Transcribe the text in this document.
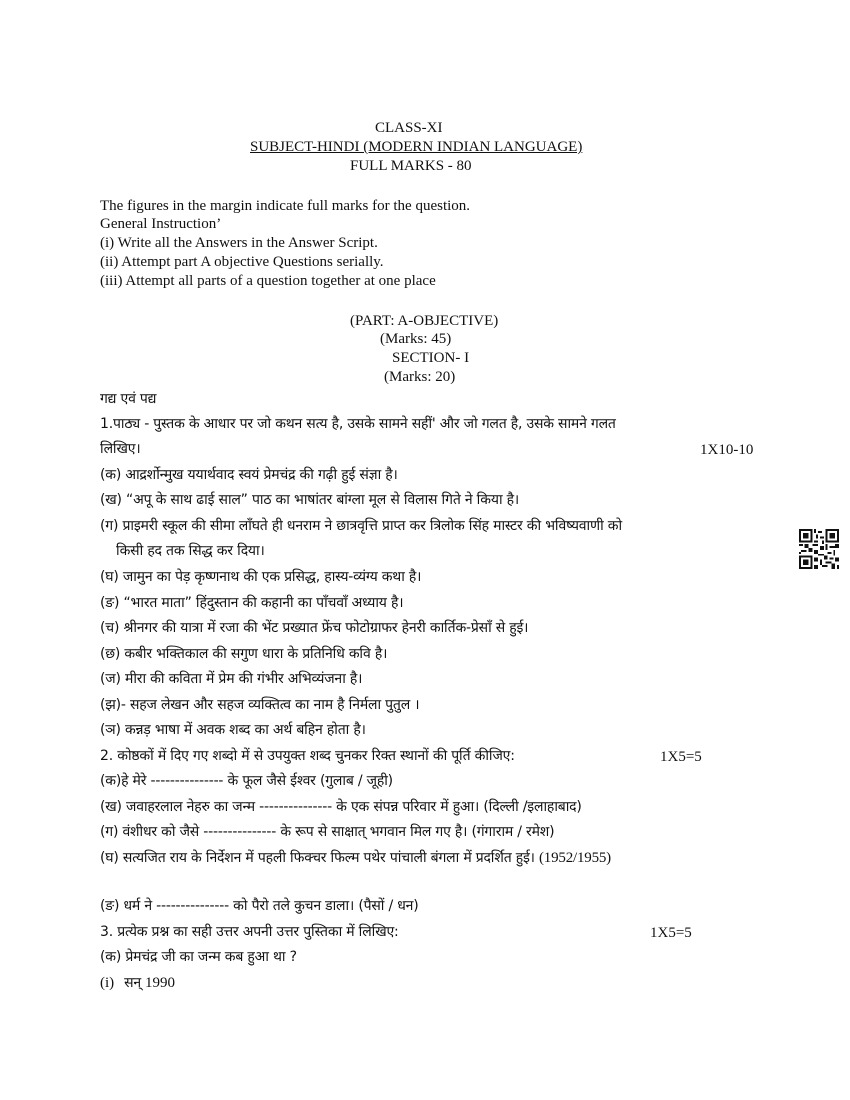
CLASS-XI
SUBJECT-HINDI (MODERN INDIAN LANGUAGE)
FULL MARKS - 80
The figures in the margin indicate full marks for the question.
General Instruction’
(i) Write all the Answers in the Answer Script.
(ii) Attempt part A objective Questions serially.
(iii) Attempt all parts of a question together at one place
(PART: A-OBJECTIVE)
(Marks: 45)
SECTION- I
(Marks: 20)
गद्य एवं पद्य
1.पाठ्य - पुस्तक के आधार पर जो कथन सत्य है, उसके सामने सहीं' और जो गलत है, उसके सामने गलत
लिखिए।	1X10-10
(क) आद्रर्शोन्मुख ययार्थवाद स्वयं प्रेमचंद्र की गढ़ी हुई संज्ञा है।
(ख) “अपू के साथ ढाई साल” पाठ का भाषांतर बांग्ला मूल से विलास गिते ने किया है।
(ग) प्राइमरी स्कूल की सीमा लाँघते ही धनराम ने छात्रवृत्ति प्राप्त कर त्रिलोक सिंह मास्टर की भविष्यवाणी को
किसी हद तक सिद्ध कर दिया।
(घ) जामुन का पेड़ कृष्णनाथ की एक प्रसिद्ध, हास्य-व्यंग्य कथा है।
(ङ) “भारत माता” हिंदुस्तान की कहानी का पाँचवाँ अध्याय है।
(च) श्रीनगर की यात्रा में रजा की भेंट प्रख्यात फ्रेंच फोटोग्राफर हेनरी कार्तिक-प्रेसाँ से हुई।
(छ) कबीर भक्तिकाल की सगुण धारा के प्रतिनिधि कवि है।
(ज) मीरा की कविता में प्रेम की गंभीर अभिव्यंजना है।
(झ)- सहज लेखन और सहज व्यक्तित्व का नाम है निर्मला पुतुल ।
(ञ) कन्नड़ भाषा में अवक शब्द का अर्थ बहिन होता है।
2. कोष्ठकों में दिए गए शब्दो में से उपयुक्त शब्द चुनकर रिक्त स्थानों की पूर्ति कीजिए:	1X5=5
(क)हे मेरे --------------- के फूल जैसे ईश्वर (गुलाब / जूही)
(ख) जवाहरलाल नेहरु का जन्म --------------- के एक संपन्न परिवार में हुआ। (दिल्ली /इलाहाबाद)
(ग) वंशीधर को जैसे --------------- के रूप से साक्षात् भगवान मिल गए है। (गंगाराम / रमेश)
(घ) सत्यजित राय के निर्देशन में पहली फिक्चर फिल्म पथेर पांचाली बंगला में प्रदर्शित हुई। (1952/1955)
(ङ) धर्म ने --------------- को पैरो तले कुचन डाला। (पैसों / धन)
3. प्रत्येक प्रश्न का सही उत्तर अपनी उत्तर पुस्तिका में लिखिए:	1X5=5
(क) प्रेमचंद्र जी का जन्म कब हुआ था ?
(i) सन् 1990
